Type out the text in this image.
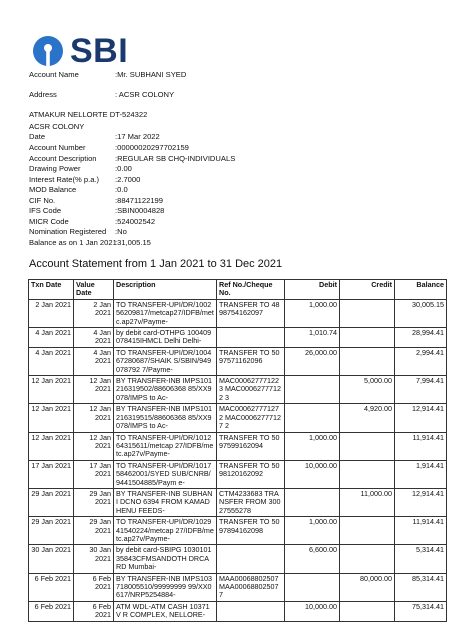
SBI
Account Name	:Mr. SUBHANI SYED
Address	: ACSR COLONY
ATMAKUR NELLORTE DT-524322
ACSR COLONY
Date	:17 Mar 2022
Account Number	:00000020297702159
Account Description :REGULAR SB CHQ-INDIVIDUALS
Drawing Power	:0.00
Interest Rate(% p.a.) :2.7000
MOD Balance	:0.0
CIF No.	:88471122199
IFS Code	:SBIN0004828
MICR Code	:524002542
Nomination Registered :No
Balance as on 1 Jan 2021
:31,005.15
Account Statement from 1 Jan 2021 to 31 Dec 2021
Txn Date	Value Date	Description	Ref No./Cheque No.	Debit	Credit	Balance
2 Jan 2021	2 Jan 2021	TO TRANSFER-UPI/DR/100256209817/metcap27/IDFB/metc.ap27v/Payme-	TRANSFER TO 4898754162097	1,000.00		30,005.15
4 Jan 2021	4 Jan 2021	by debit card-OTHPG 100409078415IHMCL Delhi Delhi-		1,010.74		28,994.41
4 Jan 2021	4 Jan 2021	TO TRANSFER-UPI/DR/100467280687/SHAIK S/SBIN/949078792 7/Payme-	TRANSFER TO 5097571162096	26,000.00		2,994.41
12 Jan 2021	12 Jan 2021	BY TRANSFER-INB IMPS101216319502/88606368 85/XX9078/IMPS to Ac-	MAC00062777122 3 MAC00062777122 3		5,000.00	7,994.41
12 Jan 2021	12 Jan 2021	BY TRANSFER-INB IMPS101216319515/88606368 85/XX9078/IMPS to Ac-	MAC00062777127 2 MAC00062777127 2		4,920.00	12,914.41
12 Jan 2021	12 Jan 2021	TO TRANSFER-UPI/DR/101264315611/metcap 27/IDFB/metc.ap27v/Payme-	TRANSFER TO 5097599162094	1,000.00		11,914.41
17 Jan 2021	17 Jan 2021	TO TRANSFER-UPI/DR/101758462001/SYED SUB/CNRB/9441504885/Paym e-	TRANSFER TO 5098120162092	10,000.00		1,914.41
29 Jan 2021	29 Jan 2021	BY TRANSFER-INB SUBHANI DCNO 6394 FROM KAMADHENU FEEDS-	CTM4233683 TRANSFER FROM 30027555278		11,000.00	12,914.41
29 Jan 2021	29 Jan 2021	TO TRANSFER-UPI/DR/102941540224/metcap 27/IDFB/metc.ap27v/Payme-	TRANSFER TO 5097894162098	1,000.00		11,914.41
30 Jan 2021	30 Jan 2021	by debit card-SBIPG 103010135843CFMSANDOTH DRCARD Mumbai-		6,600.00		5,314.41
6 Feb 2021	6 Feb 2021	BY TRANSFER-INB IMPS103718005510/99999999 99/XX0617/NRP5254884-	MAA00068802507 MAA00068802507 7		80,000.00	85,314.41
6 Feb 2021	6 Feb 2021	ATM WDL-ATM CASH 10371 V R COMPLEX, NELLORE-		10,000.00		75,314.41
